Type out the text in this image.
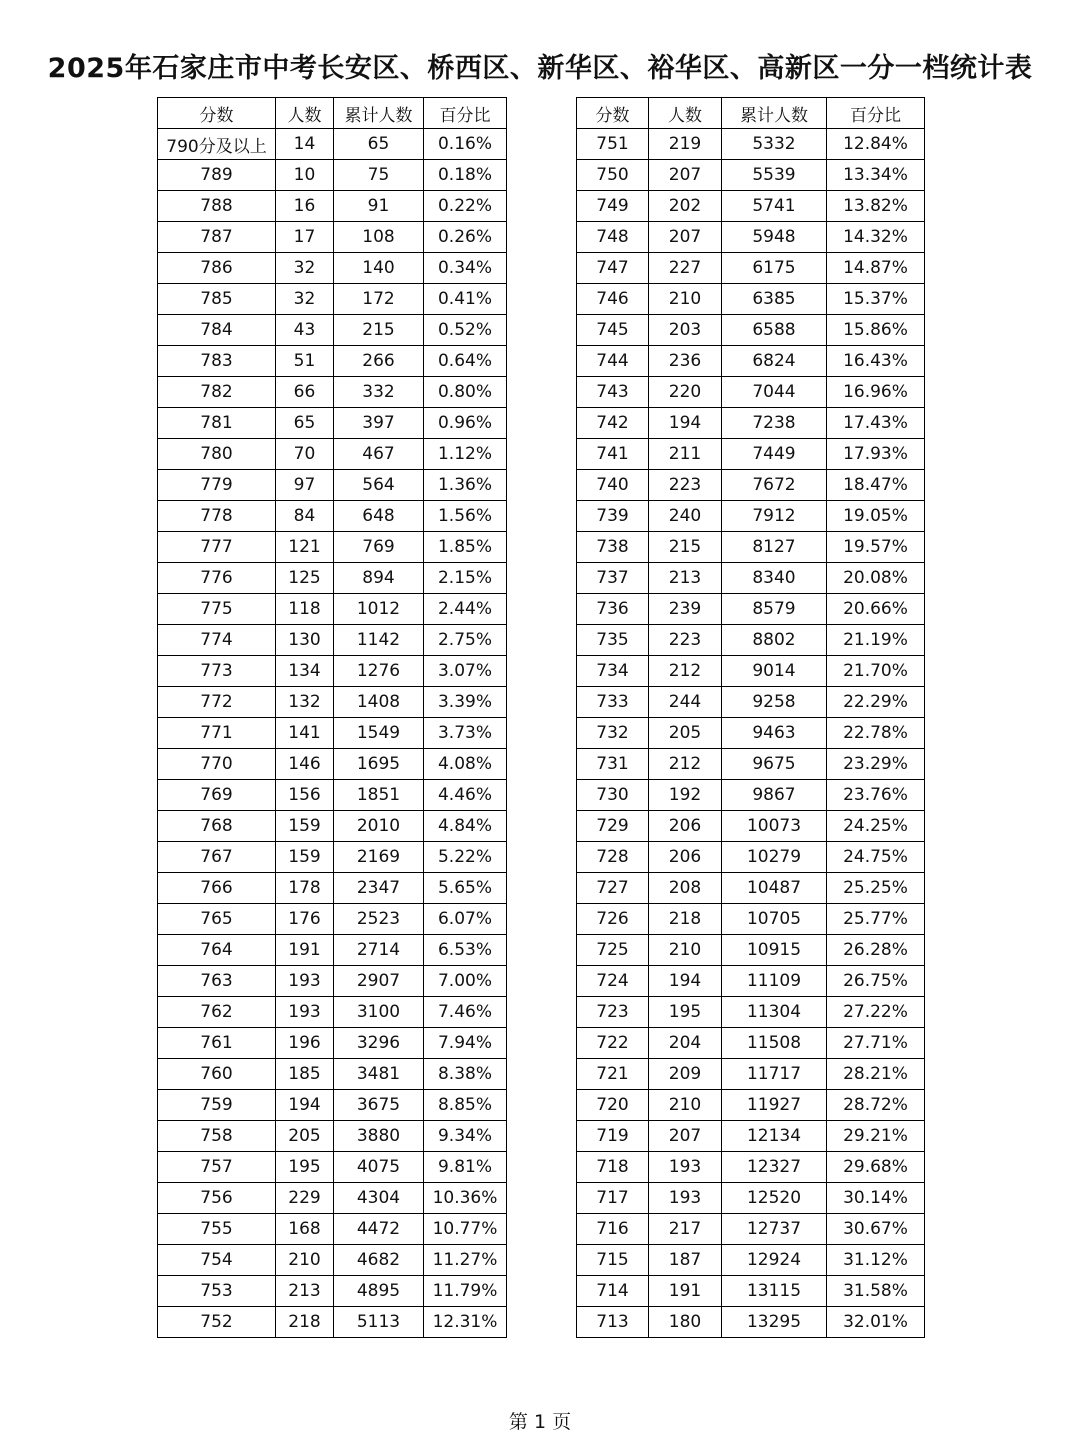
2025年石家庄市中考长安区、桥西区、新华区、裕华区、高新区一分一档统计表
分数	人数	累计人数	百分比
790分及以上	14	65	0.16%
789	10	75	0.18%
788	16	91	0.22%
787	17	108	0.26%
786	32	140	0.34%
785	32	172	0.41%
784	43	215	0.52%
783	51	266	0.64%
782	66	332	0.80%
781	65	397	0.96%
780	70	467	1.12%
779	97	564	1.36%
778	84	648	1.56%
777	121	769	1.85%
776	125	894	2.15%
775	118	1012	2.44%
774	130	1142	2.75%
773	134	1276	3.07%
772	132	1408	3.39%
771	141	1549	3.73%
770	146	1695	4.08%
769	156	1851	4.46%
768	159	2010	4.84%
767	159	2169	5.22%
766	178	2347	5.65%
765	176	2523	6.07%
764	191	2714	6.53%
763	193	2907	7.00%
762	193	3100	7.46%
761	196	3296	7.94%
760	185	3481	8.38%
759	194	3675	8.85%
758	205	3880	9.34%
757	195	4075	9.81%
756	229	4304	10.36%
755	168	4472	10.77%
754	210	4682	11.27%
753	213	4895	11.79%
752	218	5113	12.31%
分数	人数	累计人数	百分比
751	219	5332	12.84%
750	207	5539	13.34%
749	202	5741	13.82%
748	207	5948	14.32%
747	227	6175	14.87%
746	210	6385	15.37%
745	203	6588	15.86%
744	236	6824	16.43%
743	220	7044	16.96%
742	194	7238	17.43%
741	211	7449	17.93%
740	223	7672	18.47%
739	240	7912	19.05%
738	215	8127	19.57%
737	213	8340	20.08%
736	239	8579	20.66%
735	223	8802	21.19%
734	212	9014	21.70%
733	244	9258	22.29%
732	205	9463	22.78%
731	212	9675	23.29%
730	192	9867	23.76%
729	206	10073	24.25%
728	206	10279	24.75%
727	208	10487	25.25%
726	218	10705	25.77%
725	210	10915	26.28%
724	194	11109	26.75%
723	195	11304	27.22%
722	204	11508	27.71%
721	209	11717	28.21%
720	210	11927	28.72%
719	207	12134	29.21%
718	193	12327	29.68%
717	193	12520	30.14%
716	217	12737	30.67%
715	187	12924	31.12%
714	191	13115	31.58%
713	180	13295	32.01%
第 1 页
